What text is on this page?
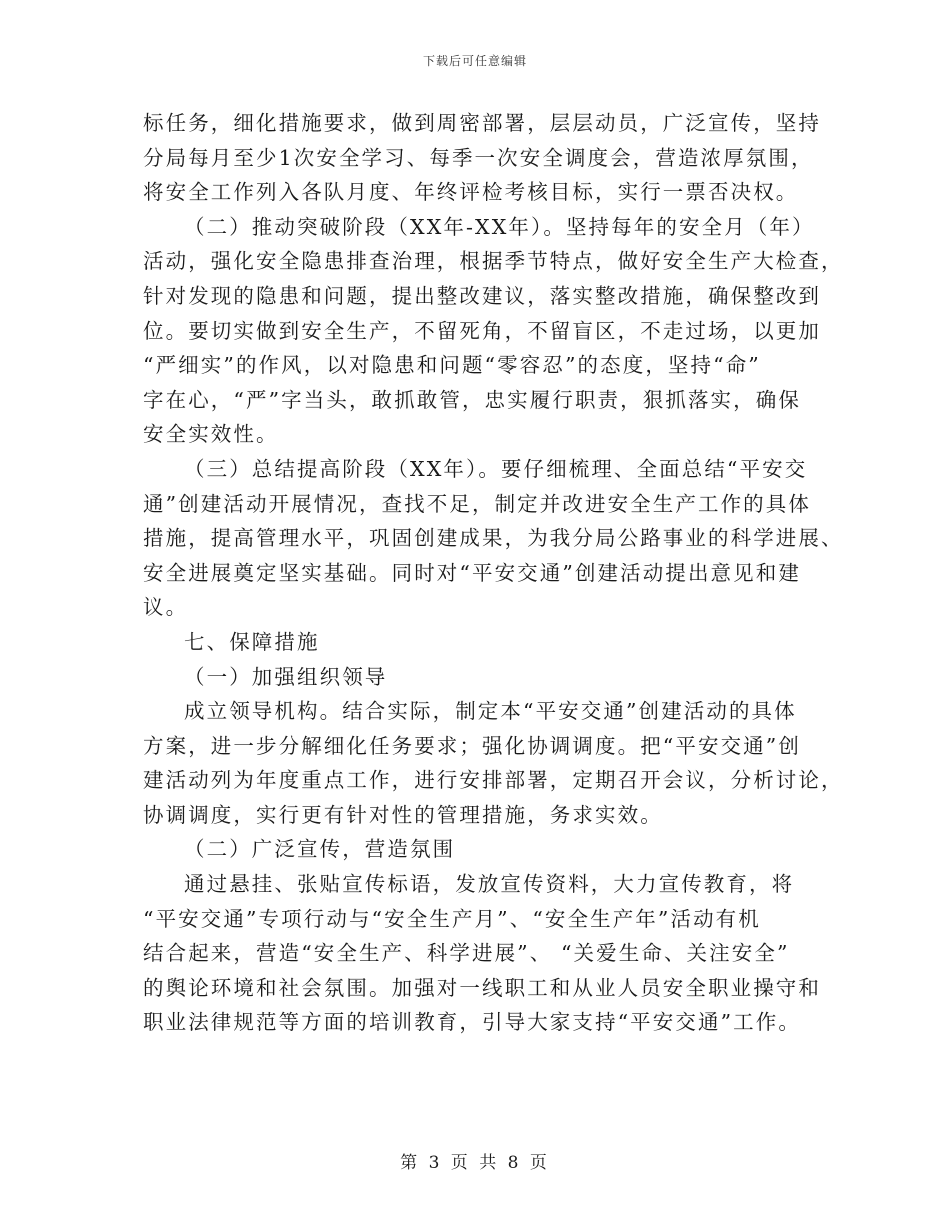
下载后可任意编辑
标任务，细化措施要求，做到周密部署，层层动员，广泛宣传，坚持
分局每月至少1次安全学习、每季一次安全调度会，营造浓厚氛围，
将安全工作列入各队月度、年终评检考核目标，实行一票否决权。
（二）推动突破阶段（XX年-XX年）。坚持每年的安全月（年）
活动，强化安全隐患排查治理，根据季节特点，做好安全生产大检查，
针对发现的隐患和问题，提出整改建议，落实整改措施，确保整改到
位。要切实做到安全生产，不留死角，不留盲区，不走过场，以更加
“严细实”的作风，以对隐患和问题“零容忍”的态度，坚持“命”
字在心，“严”字当头，敢抓敢管，忠实履行职责，狠抓落实，确保
安全实效性。
（三）总结提高阶段（XX年）。要仔细梳理、全面总结“平安交
通”创建活动开展情况，查找不足，制定并改进安全生产工作的具体
措施，提高管理水平，巩固创建成果，为我分局公路事业的科学进展、
安全进展奠定坚实基础。同时对“平安交通”创建活动提出意见和建
议。
七、保障措施
（一）加强组织领导
成立领导机构。结合实际，制定本“平安交通”创建活动的具体
方案，进一步分解细化任务要求；强化协调调度。把“平安交通”创
建活动列为年度重点工作，进行安排部署，定期召开会议，分析讨论，
协调调度，实行更有针对性的管理措施，务求实效。
（二）广泛宣传，营造氛围
通过悬挂、张贴宣传标语，发放宣传资料，大力宣传教育，将
“平安交通”专项行动与“安全生产月”、“安全生产年”活动有机
结合起来，营造“安全生产、科学进展”、 “关爱生命、关注安全”
的舆论环境和社会氛围。加强对一线职工和从业人员安全职业操守和
职业法律规范等方面的培训教育，引导大家支持“平安交通”工作。
第 3 页 共 8 页
